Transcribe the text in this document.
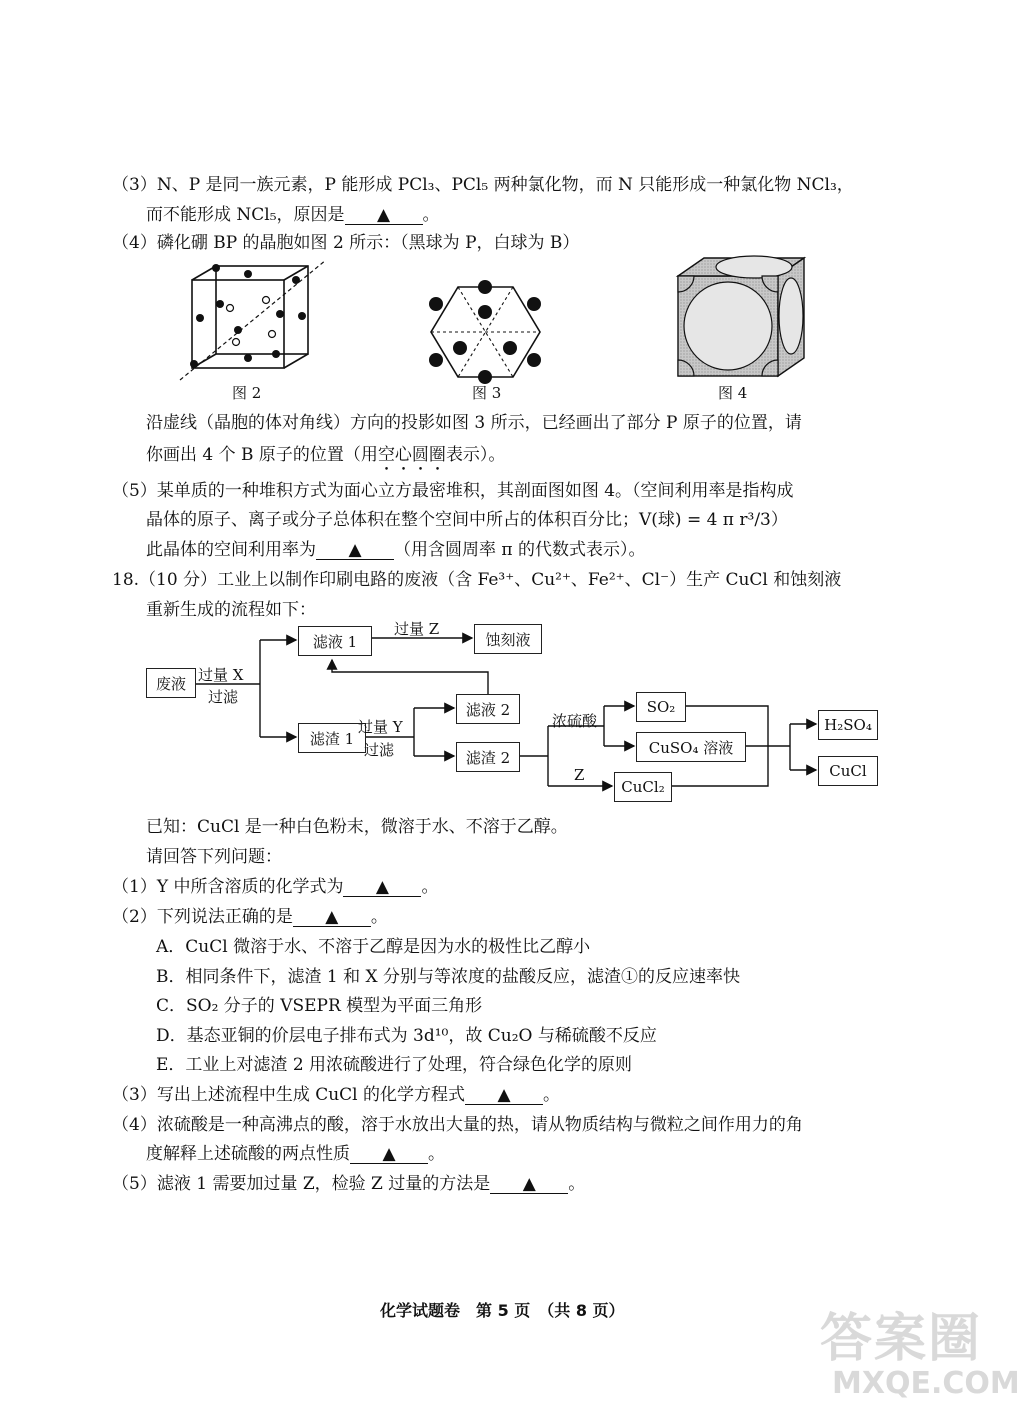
（3）N、P 是同一族元素，P 能形成 PCl₃、PCl₅ 两种氯化物，而 N 只能形成一种氯化物 NCl₃，
而不能形成 NCl₅，原因是 ▲ 。
（4）磷化硼 BP 的晶胞如图 2 所示：（黑球为 P，白球为 B）
图 2	图 3	图 4
沿虚线（晶胞的体对角线）方向的投影如图 3 所示，已经画出了部分 P 原子的位置，请
你画出 4 个 B 原子的位置（用空心圆圈表示）。
（5）某单质的一种堆积方式为面心立方最密堆积，其剖面图如图 4。（空间利用率是指构成
晶体的原子、离子或分子总体积在整个空间中所占的体积百分比；V(球) = 4 π r³/3）
此晶体的空间利用率为 ▲ （用含圆周率 π 的代数式表示）。
18.（10 分）工业上以制作印刷电路的废液（含 Fe³⁺、Cu²⁺、Fe²⁺、Cl⁻）生产 CuCl 和蚀刻液
重新生成的流程如下：
废液
滤液 1	蚀刻液
滤渣 1
滤液 2
滤渣 2
SO₂
CuSO₄ 溶液
CuCl₂
H₂SO₄
CuCl
过量 X
过滤
过量 Z
过量 Y
过滤
浓硫酸
Z
已知：CuCl 是一种白色粉末，微溶于水、不溶于乙醇。
请回答下列问题：
（1）Y 中所含溶质的化学式为 ▲ 。
（2）下列说法正确的是 ▲ 。
A．CuCl 微溶于水、不溶于乙醇是因为水的极性比乙醇小
B．相同条件下，滤渣 1 和 X 分别与等浓度的盐酸反应，滤渣①的反应速率快
C．SO₂ 分子的 VSEPR 模型为平面三角形
D．基态亚铜的价层电子排布式为 3d¹⁰，故 Cu₂O 与稀硫酸不反应
E．工业上对滤渣 2 用浓硫酸进行了处理，符合绿色化学的原则
（3）写出上述流程中生成 CuCl 的化学方程式 ▲ 。
（4）浓硫酸是一种高沸点的酸，溶于水放出大量的热，请从物质结构与微粒之间作用力的角
度解释上述硫酸的两点性质 ▲ 。
（5）滤液 1 需要加过量 Z，检验 Z 过量的方法是 ▲ 。
化学试题卷　第 5 页　（共 8 页）	答案圈
MXQE.COM
